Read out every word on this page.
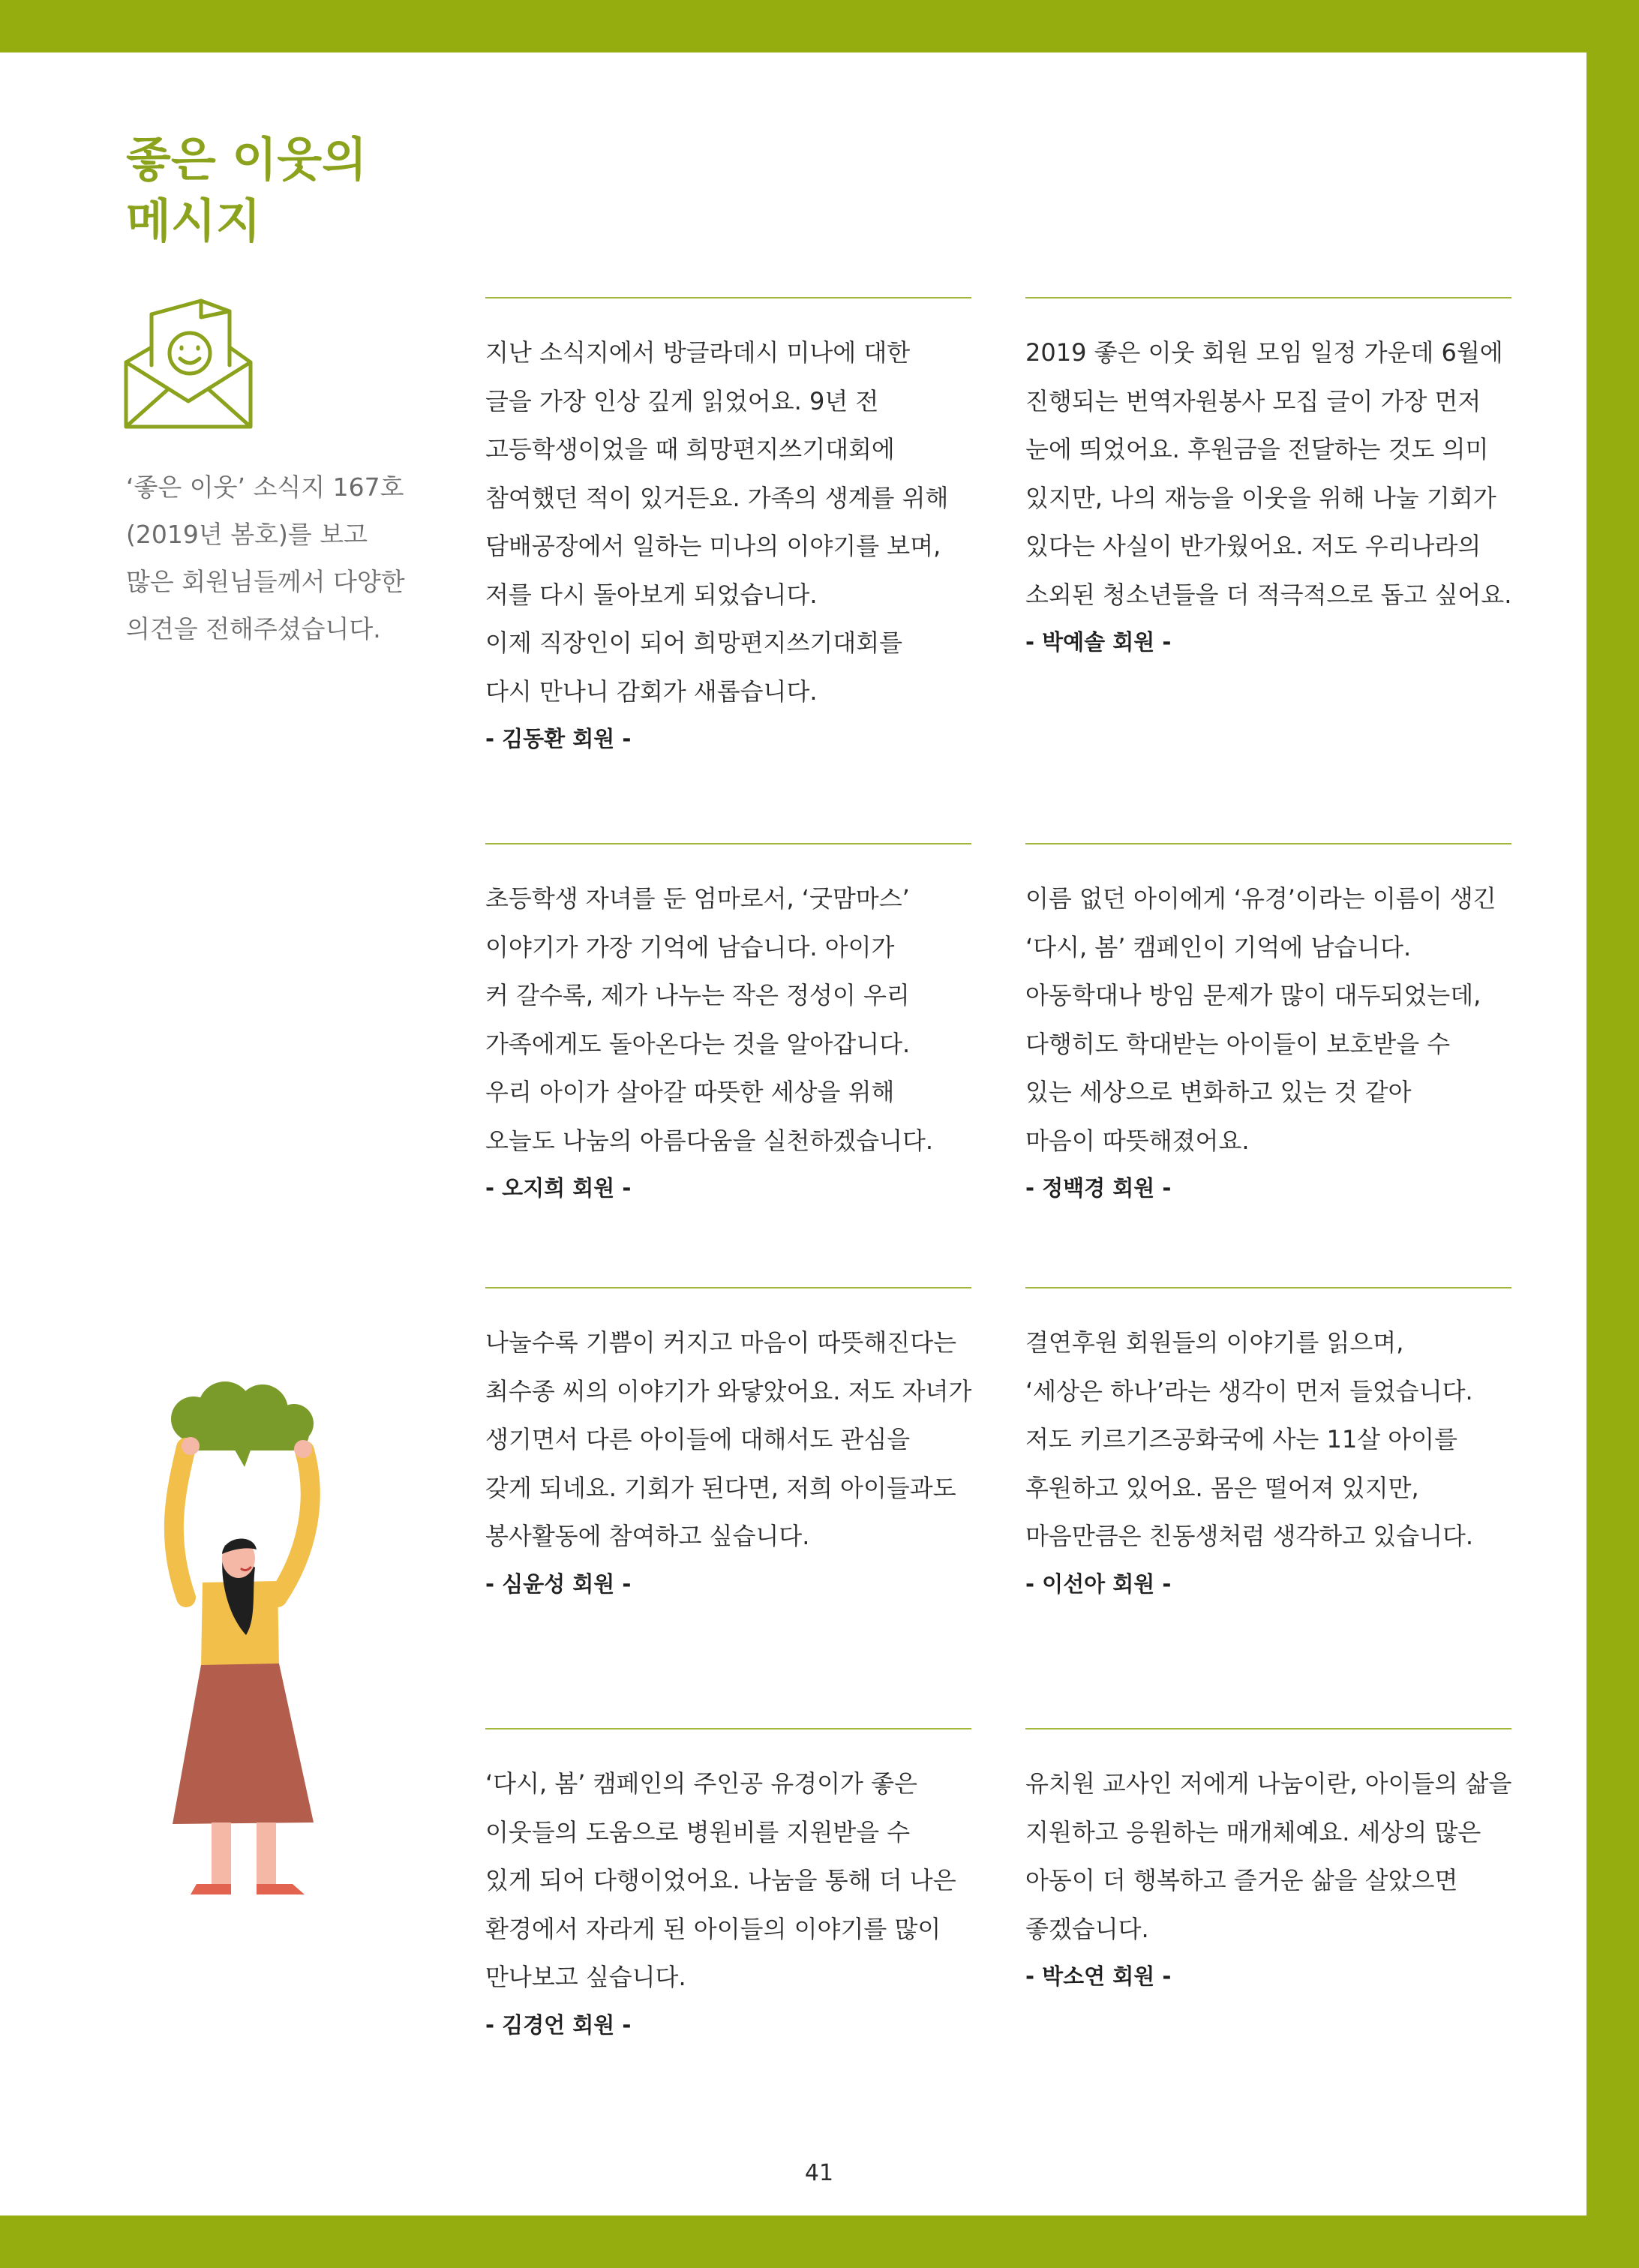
좋은 이웃의
메시지
‘좋은 이웃’ 소식지 167호
(2019년 봄호)를 보고
많은 회원님들께서 다양한
의견을 전해주셨습니다.
지난 소식지에서 방글라데시 미나에 대한
글을 가장 인상 깊게 읽었어요. 9년 전
고등학생이었을 때 희망편지쓰기대회에
참여했던 적이 있거든요. 가족의 생계를 위해
담배공장에서 일하는 미나의 이야기를 보며,
저를 다시 돌아보게 되었습니다.
이제 직장인이 되어 희망편지쓰기대회를
다시 만나니 감회가 새롭습니다.
- 김동환 회원 -
2019 좋은 이웃 회원 모임 일정 가운데 6월에
진행되는 번역자원봉사 모집 글이 가장 먼저
눈에 띄었어요. 후원금을 전달하는 것도 의미
있지만, 나의 재능을 이웃을 위해 나눌 기회가
있다는 사실이 반가웠어요. 저도 우리나라의
소외된 청소년들을 더 적극적으로 돕고 싶어요.
- 박예솔 회원 -
초등학생 자녀를 둔 엄마로서, ‘굿맘마스’
이야기가 가장 기억에 남습니다. 아이가
커 갈수록, 제가 나누는 작은 정성이 우리
가족에게도 돌아온다는 것을 알아갑니다.
우리 아이가 살아갈 따뜻한 세상을 위해
오늘도 나눔의 아름다움을 실천하겠습니다.
- 오지희 회원 -
이름 없던 아이에게 ‘유경’이라는 이름이 생긴
‘다시, 봄’ 캠페인이 기억에 남습니다.
아동학대나 방임 문제가 많이 대두되었는데,
다행히도 학대받는 아이들이 보호받을 수
있는 세상으로 변화하고 있는 것 같아
마음이 따뜻해졌어요.
- 정백경 회원 -
나눌수록 기쁨이 커지고 마음이 따뜻해진다는
최수종 씨의 이야기가 와닿았어요. 저도 자녀가
생기면서 다른 아이들에 대해서도 관심을
갖게 되네요. 기회가 된다면, 저희 아이들과도
봉사활동에 참여하고 싶습니다.
- 심윤성 회원 -
결연후원 회원들의 이야기를 읽으며,
‘세상은 하나’라는 생각이 먼저 들었습니다.
저도 키르기즈공화국에 사는 11살 아이를
후원하고 있어요. 몸은 떨어져 있지만,
마음만큼은 친동생처럼 생각하고 있습니다.
- 이선아 회원 -
‘다시, 봄’ 캠페인의 주인공 유경이가 좋은
이웃들의 도움으로 병원비를 지원받을 수
있게 되어 다행이었어요. 나눔을 통해 더 나은
환경에서 자라게 된 아이들의 이야기를 많이
만나보고 싶습니다.
- 김경언 회원 -
유치원 교사인 저에게 나눔이란, 아이들의 삶을
지원하고 응원하는 매개체예요. 세상의 많은
아동이 더 행복하고 즐거운 삶을 살았으면
좋겠습니다.
- 박소연 회원 -
41
